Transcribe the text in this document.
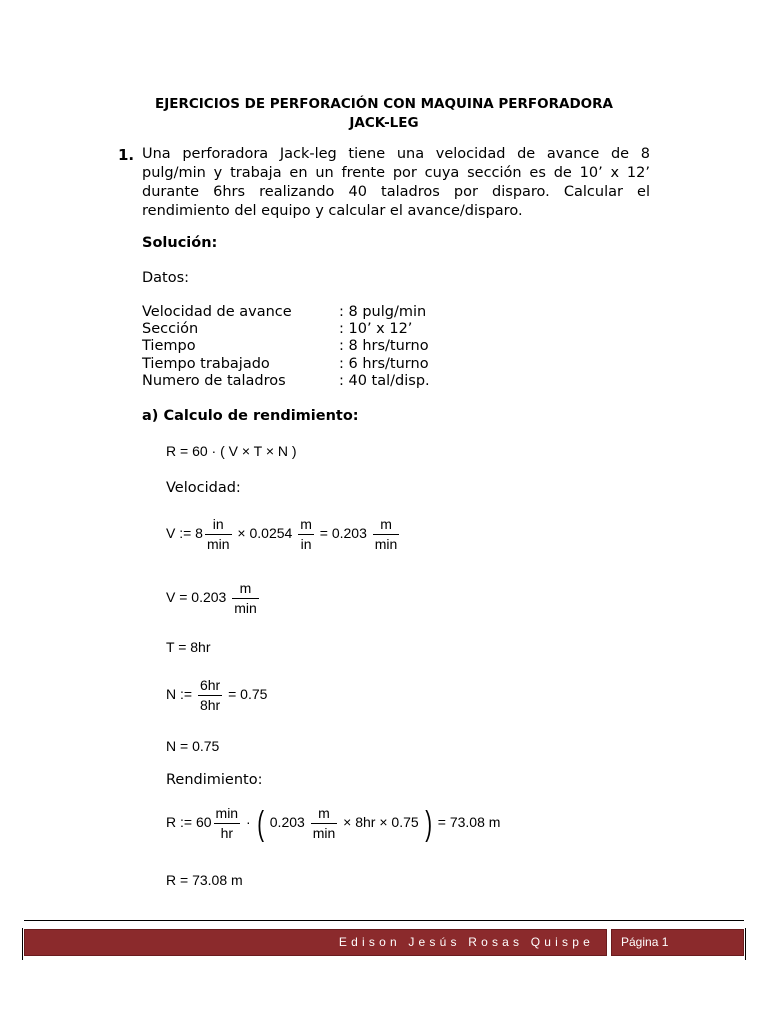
EJERCICIOS DE PERFORACIÓN CON MAQUINA PERFORADORA
JACK-LEG
1. Una perforadora Jack-leg tiene una velocidad de avance de 8 pulg/min y trabaja en un frente por cuya sección es de 10’ x 12’ durante 6hrs realizando 40 taladros por disparo. Calcular el rendimiento del equipo y calcular el avance/disparo.
Solución:
Datos:
Velocidad de avance	: 8 pulg/min
Sección	: 10’ x 12’
Tiempo	: 8 hrs/turno
Tiempo trabajado	: 6 hrs/turno
Numero de taladros	: 40 tal/disp.
a) Calculo de rendimiento:
R = 60 · ( V × T × N )
Velocidad:
V := $8 \frac{in}{\min} \times 0.0254 \frac{m}{in} = 0.203 \frac{m}{\min}$
$V = 0.203 \frac{m}{\min}$
T = 8hr
N := $\frac{6hr}{8hr} = 0.75$
N = 0.75
Rendimiento:
R := $60 \frac{\min}{hr}$ · ( $0.203 \frac{m}{\min} \times 8hr \times 0.75$ ) = 73.08 m
R = 73.08 m
Edison Jesús Rosas Quispe	Página 1
